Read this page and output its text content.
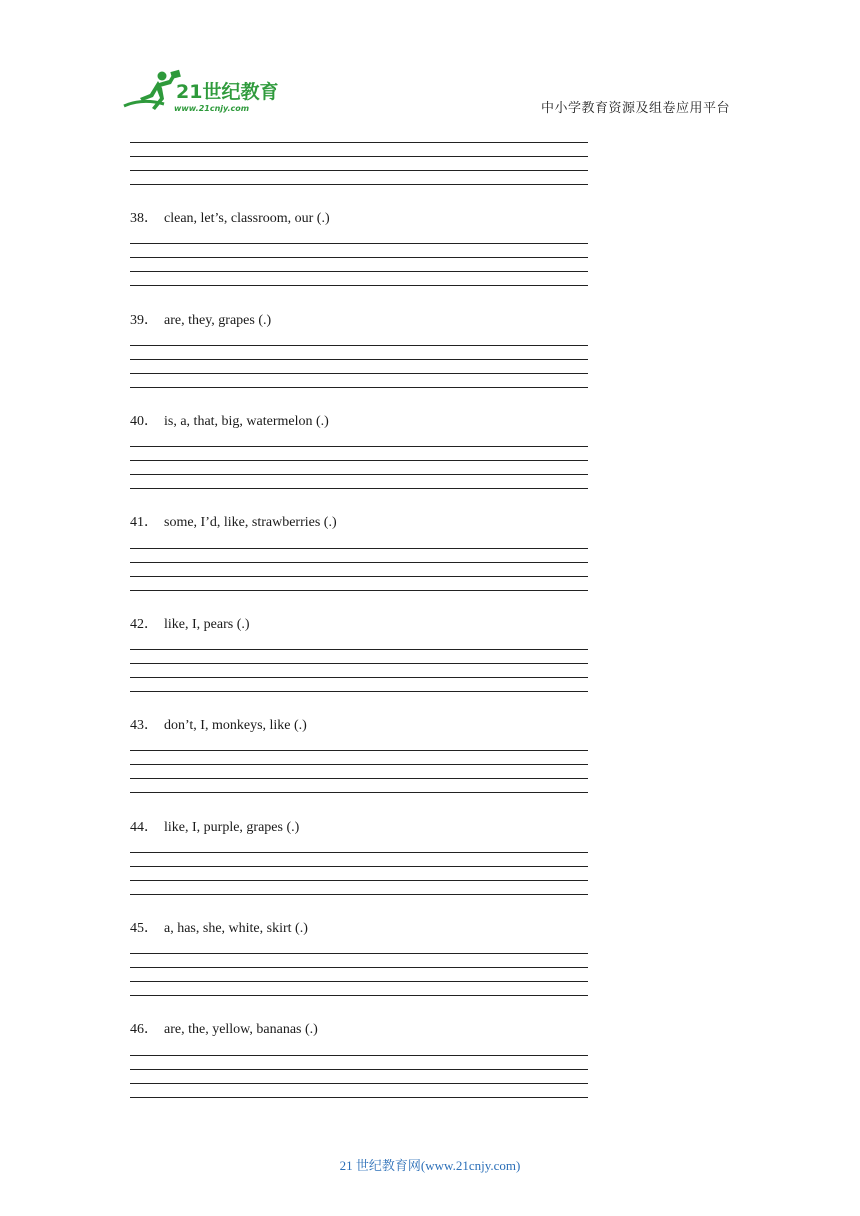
21世纪教育
www.21cnjy.com	中小学教育资源及组卷应用平台
38． clean, let’s, classroom, our (.)
39． are, they, grapes (.)
40． is, a, that, big, watermelon (.)
41． some, I’d, like, strawberries (.)
42． like, I, pears (.)
43． don’t, I, monkeys, like (.)
44． like, I, purple, grapes (.)
45． a, has, she, white, skirt (.)
46． are, the, yellow, bananas (.)
21 世纪教育网(www.21cnjy.com)
